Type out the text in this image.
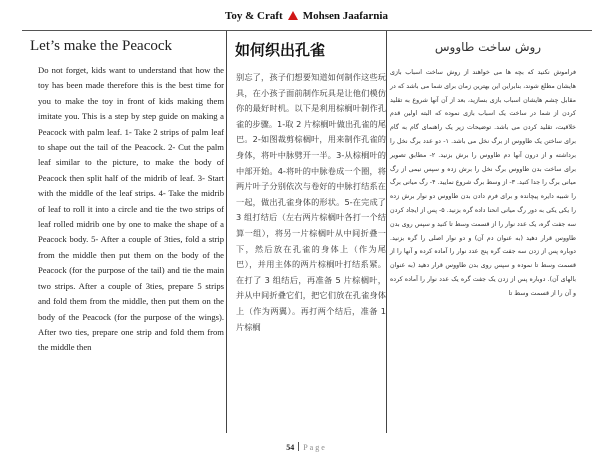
Toy & Craft Mohsen Jaafarnia
Let’s make the Peacock
Do not forget, kids want to understand that how the toy has been made therefore this is the best time for you to make the toy in front of kids making them imitate you. This is a step by step guide on making a Peacock with palm leaf. 1- Take 2 strips of palm leaf to shape out the tail of the Peacock. 2- Cut the palm leaf similar to the picture, to make the body of Peacock then split half of the midrib of leaf. 3- Start with the middle of the leaf strips. 4- Take the midrib of leaf to roll it into a circle and tie the two strips of leaf rolled midrib one by one to make the shape of a Peacock body. 5- After a couple of 3ties, fold a strip from the middle then put them on the body of the Peacock (for the purpose of the tail) and tie the main two strips. After a couple of 3ties, prepare 5 strips and fold them from the middle, then put them on the body of the Peacock (for the purpose of the wings). After two ties, prepare one strip and fold them from the middle then
如何织出孔雀
别忘了，孩子们想要知道如何制作这些玩具，在小孩子面前制作玩具是让他们模仿你的最好时机。以下是利用棕榈叶制作孔雀的步骤。1-取 2 片棕榈叶做出孔雀的尾巴。2-如图裁剪棕榈叶，用来制作孔雀的身体，将叶中脉劈开一半。3-从棕榈叶的中部开始。4-将叶的中脉卷成一个圈，将两片叶子分别依次与卷好的中脉打结系在一起，做出孔雀身体的形状。5-在完成了 3 组打结后（左右两片棕榈叶各打一个结算一组），将另一片棕榈叶从中间折叠一下，然后放在孔雀的身体上（作为尾巴），并用主体的两片棕榈叶打结系紧。在打了 3 组结后，再准备 5 片棕榈叶，并从中间折叠它们，把它们放在孔雀身体上（作为两翼）。再打两个结后，准备 1 片棕榈
روش ساخت طاووس
فراموش نکنید که بچه ها می خواهند از روش ساخت اسباب بازی هایشان مطلع شوند، بنابراین این بهترین زمان برای شما می باشد که در مقابل چشم هایشان اسباب بازی بسازید، بعد از آن آنها شروع به تقلید کردن از شما در ساخت یک اسباب بازی نموده که البته اولین قدم خلاقیت، تقلید کردن می باشد. توضیحات زیر یک راهنمای گام به گام برای ساختن یک طاووس از برگ نخل می باشد. ۱- دو عدد برگ نخل را برداشته و از درون آنها دم طاووس را برش بزنید. ۲- مطابق تصویر برای ساخت بدن طاووس برگ نخل را برش زده و سپس نیمی از رگ میانی برگ را جدا کنید. ۳- از وسط برگ شروع نمایید. ۴- رگ میانی برگ را شبیه دایره پیچانده و برای فرم دادن بدن طاووس دو نوار برش زده را یکی یکی به دور رگ میانی انحنا داده گره بزنید. ۵- پس از ایجاد کردن سه جفت گره، یک عدد نوار را از قسمت وسط تا کنید و سپس روی بدن طاووس قرار دهید (به عنوان دم آن) و دو نوار اصلی را گره بزنید. دوباره پس از زدن سه جفت گره پنج عدد نوار را آماده کرده و آنها را از قسمت وسط تا نموده و سپس روی بدن طاووس قرار دهید (به عنوان بالهای آن). دوباره پس از زدن یک جفت گره یک عدد نوار را آماده کرده و آن را از قسمت وسط تا
54 Page
